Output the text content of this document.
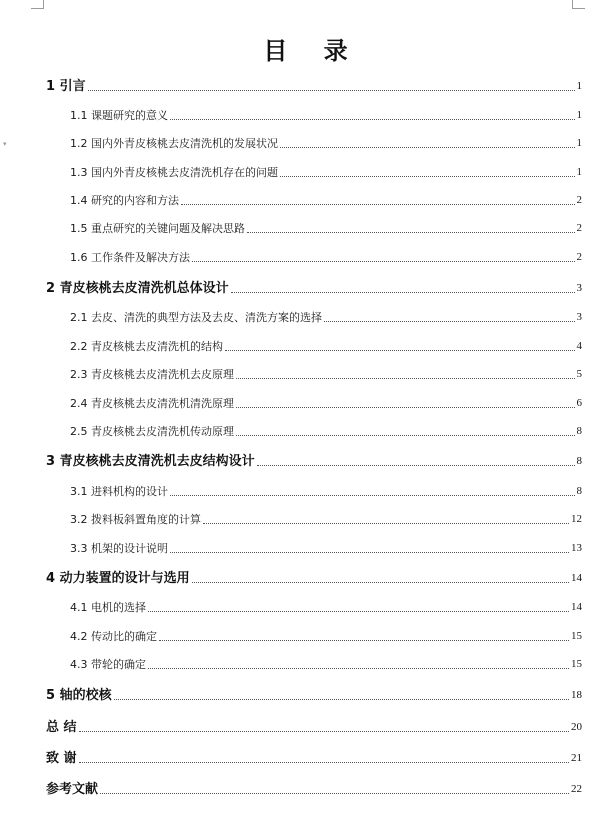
▾
目 录
1 引言	1
1.1 课题研究的意义	1
1.2 国内外青皮核桃去皮清洗机的发展状况	1
1.3 国内外青皮核桃去皮清洗机存在的问题	1
1.4 研究的内容和方法	2
1.5 重点研究的关键问题及解决思路	2
1.6 工作条件及解决方法	2
2 青皮核桃去皮清洗机总体设计	3
2.1 去皮、清洗的典型方法及去皮、清洗方案的选择	3
2.2 青皮核桃去皮清洗机的结构	4
2.3 青皮核桃去皮清洗机去皮原理	5
2.4 青皮核桃去皮清洗机清洗原理	6
2.5 青皮核桃去皮清洗机传动原理	8
3 青皮核桃去皮清洗机去皮结构设计	8
3.1 进料机构的设计	8
3.2 拨料板斜置角度的计算	12
3.3 机架的设计说明	13
4 动力装置的设计与选用	14
4.1 电机的选择	14
4.2 传动比的确定	15
4.3 带轮的确定	15
5 轴的校核	18
总 结	20
致 谢	21
参考文献	22
